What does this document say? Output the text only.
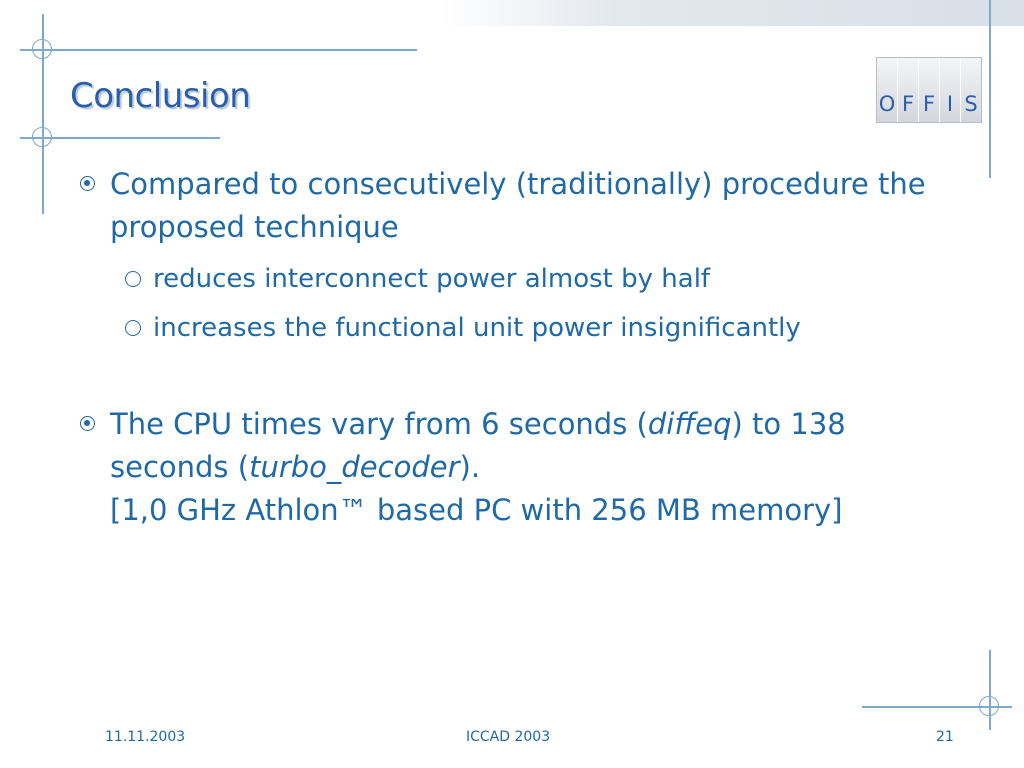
Conclusion	O F F I S
Compared to consecutively (traditionally) procedure the proposed technique
reduces interconnect power almost by half
increases the functional unit power insignificantly
The CPU times vary from 6 seconds (diffeq) to 138 seconds (turbo_decoder).
[1,0 GHz Athlon™ based PC with 256 MB memory]
11.11.2003	ICCAD 2003	21
